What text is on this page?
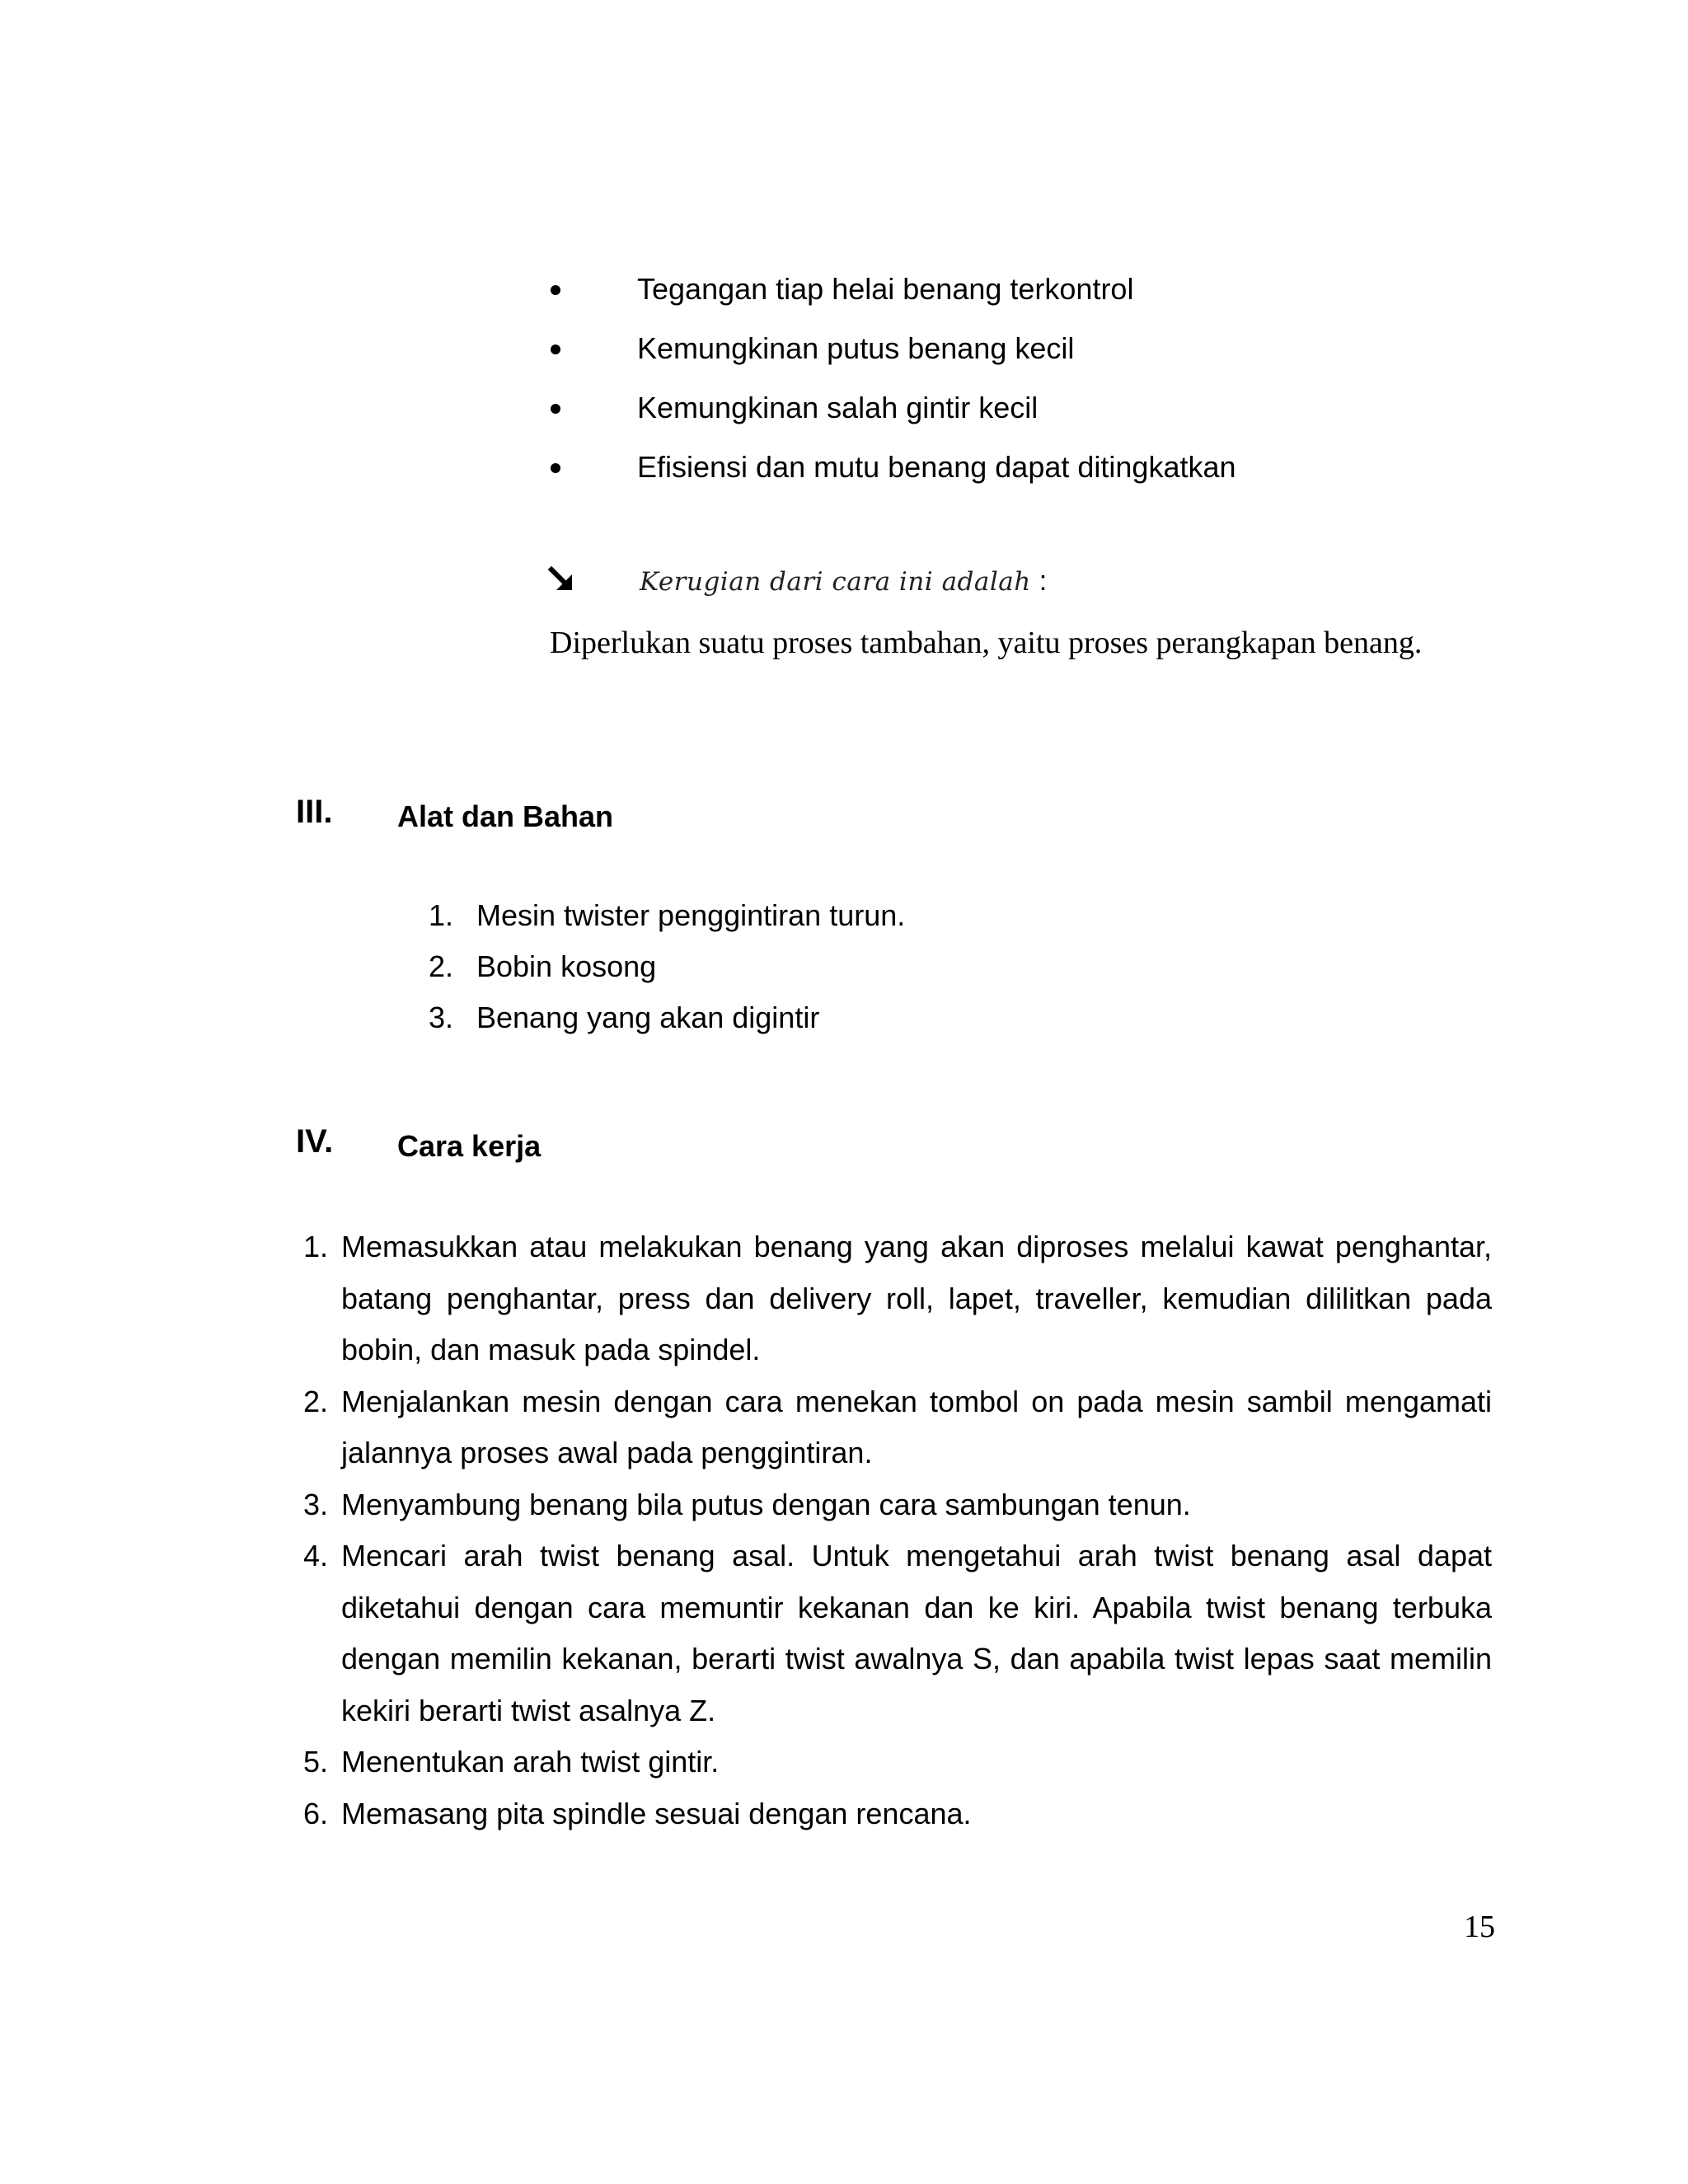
Tegangan tiap helai benang terkontrol
Kemungkinan putus benang kecil
Kemungkinan salah gintir kecil
Efisiensi dan mutu benang dapat ditingkatkan
Kerugian dari cara ini adalah :
Diperlukan suatu proses tambahan, yaitu proses perangkapan benang.
III. Alat dan Bahan
1. Mesin twister penggintiran turun.
2. Bobin kosong
3. Benang yang akan digintir
IV. Cara kerja
1. Memasukkan atau melakukan benang yang akan diproses melalui kawat penghantar, batang penghantar, press dan delivery roll, lapet, traveller, kemudian dililitkan pada bobin, dan masuk pada spindel.
2. Menjalankan mesin dengan cara menekan tombol on pada mesin sambil mengamati jalannya proses awal pada penggintiran.
3. Menyambung benang bila putus dengan cara sambungan tenun.
4. Mencari arah twist benang asal. Untuk mengetahui arah twist benang asal dapat diketahui dengan cara memuntir kekanan dan ke kiri. Apabila twist benang terbuka dengan memilin kekanan, berarti twist awalnya S, dan apabila twist lepas saat memilin kekiri berarti twist asalnya Z.
5. Menentukan arah twist gintir.
6. Memasang pita spindle sesuai dengan rencana.
15
